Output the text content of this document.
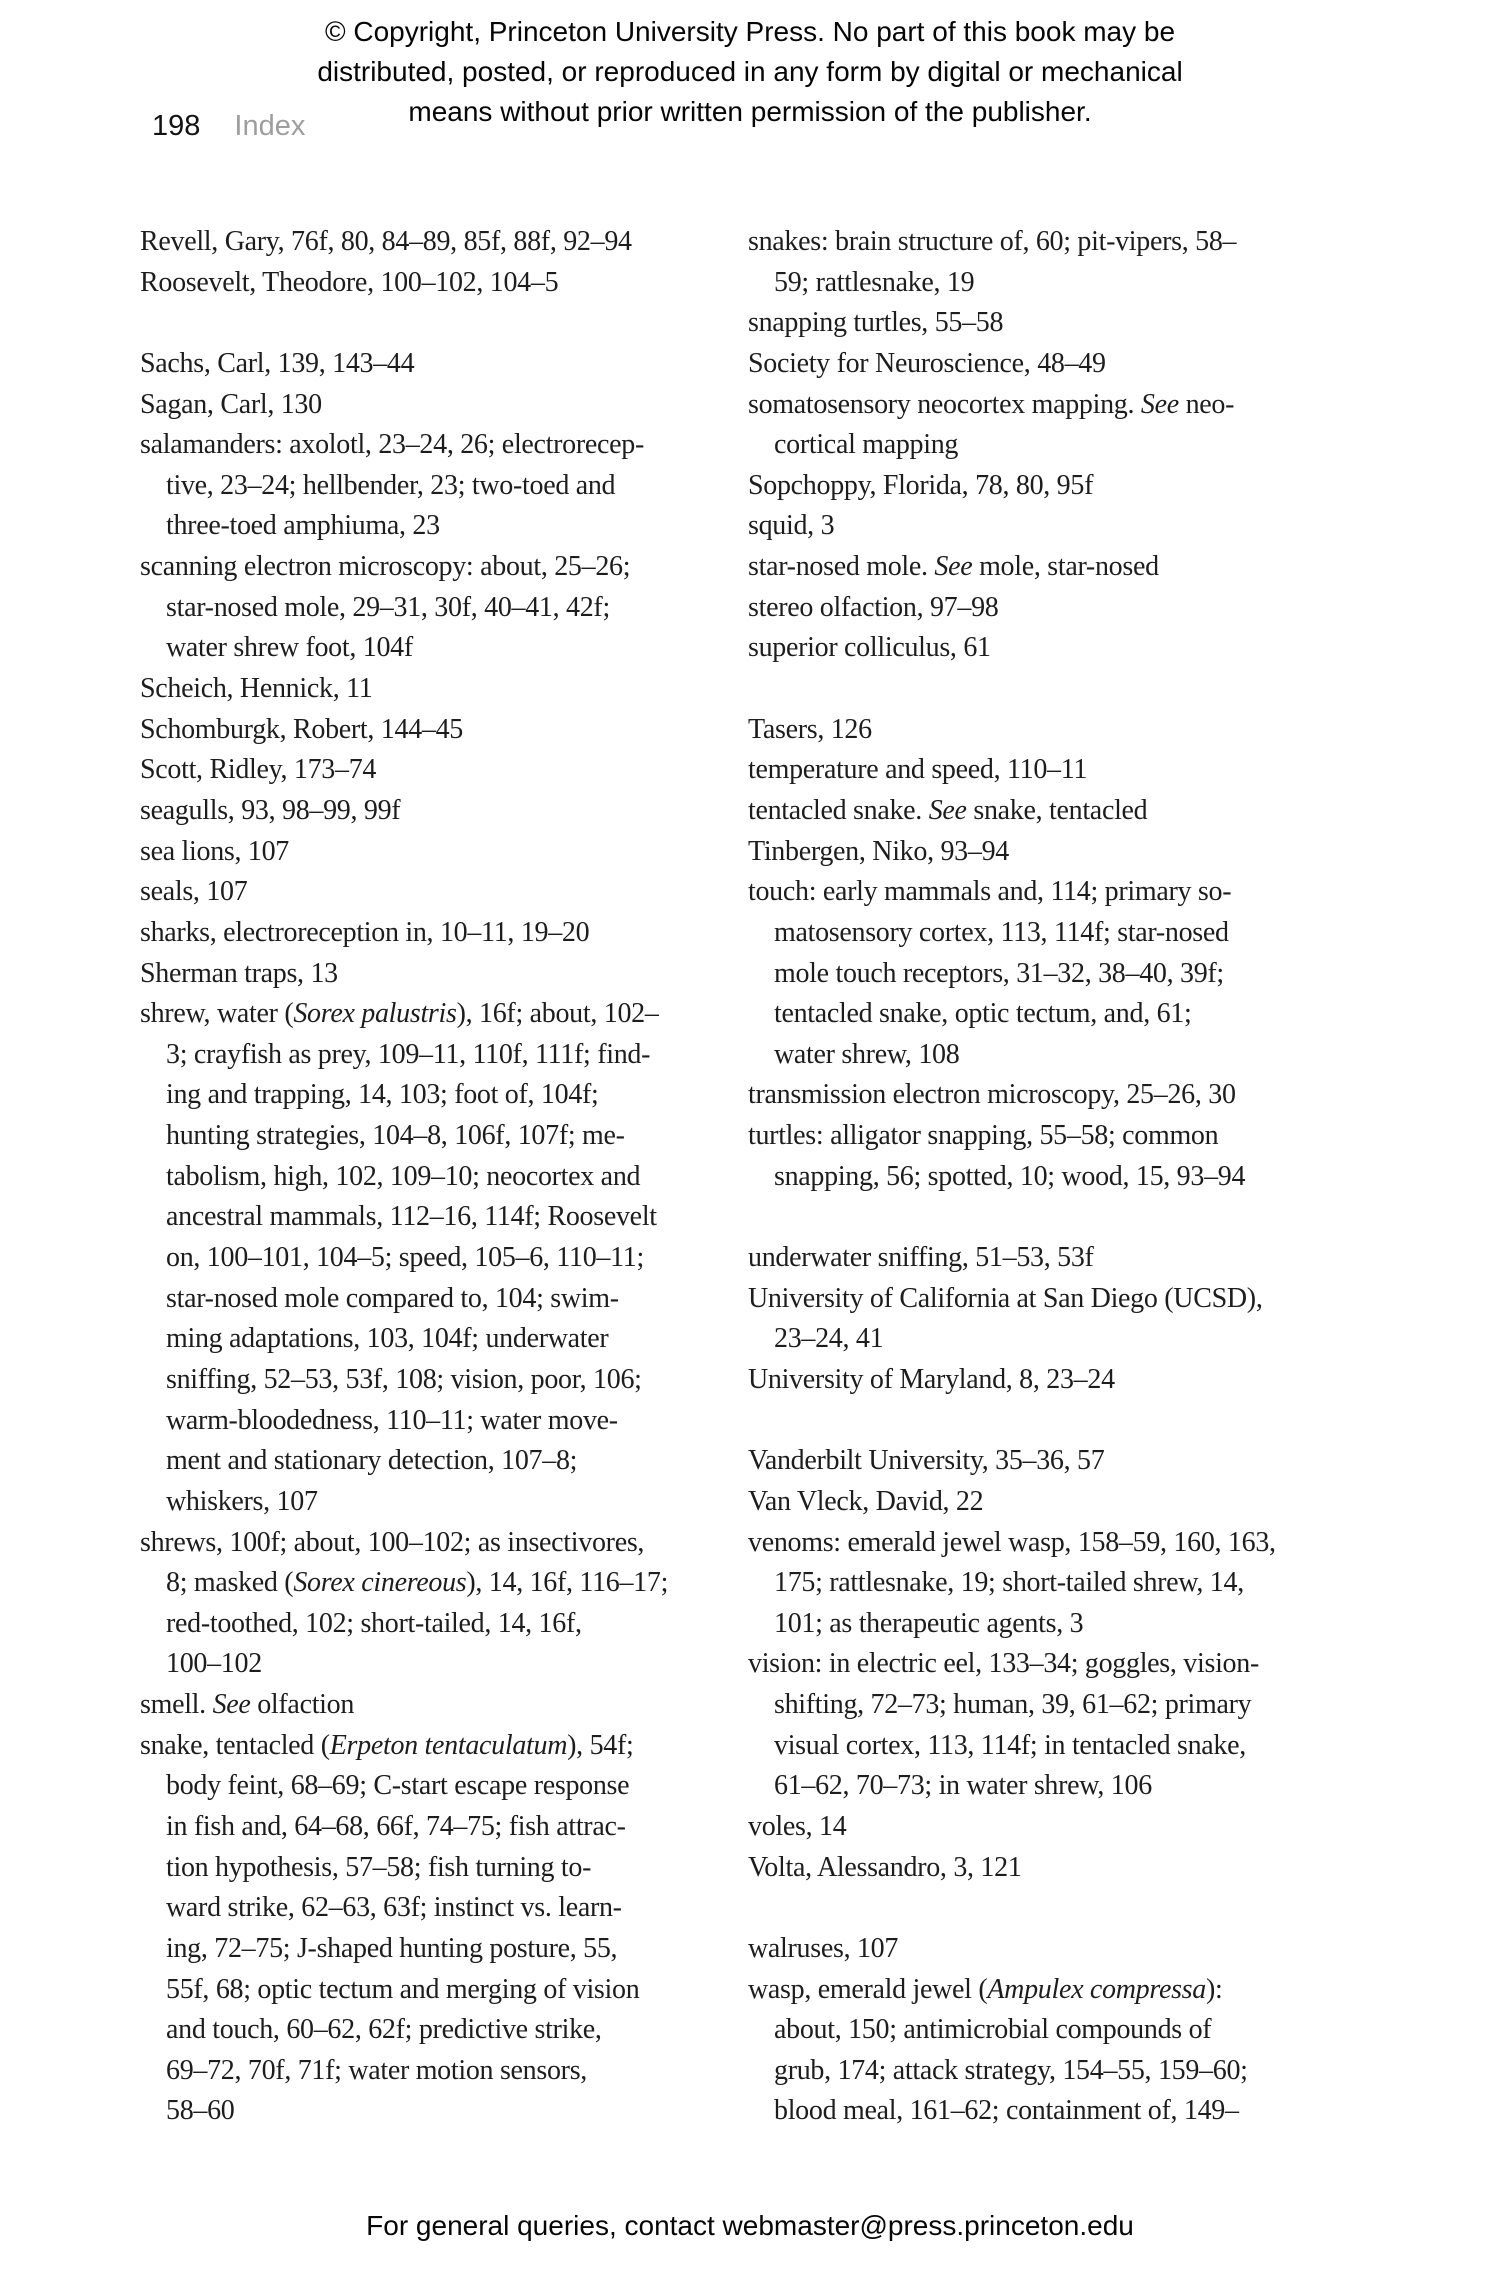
© Copyright, Princeton University Press. No part of this book may be
distributed, posted, or reproduced in any form by digital or mechanical
means without prior written permission of the publisher.
198 Index
Revell, Gary, 76f, 80, 84–89, 85f, 88f, 92–94
Roosevelt, Theodore, 100–102, 104–5
Sachs, Carl, 139, 143–44
Sagan, Carl, 130
salamanders: axolotl, 23–24, 26; electrorecep-
tive, 23–24; hellbender, 23; two-toed and
three-toed amphiuma, 23
scanning electron microscopy: about, 25–26;
star-nosed mole, 29–31, 30f, 40–41, 42f;
water shrew foot, 104f
Scheich, Hennick, 11
Schomburgk, Robert, 144–45
Scott, Ridley, 173–74
seagulls, 93, 98–99, 99f
sea lions, 107
seals, 107
sharks, electroreception in, 10–11, 19–20
Sherman traps, 13
shrew, water (Sorex palustris), 16f; about, 102–
3; crayfish as prey, 109–11, 110f, 111f; find-
ing and trapping, 14, 103; foot of, 104f;
hunting strategies, 104–8, 106f, 107f; me-
tabolism, high, 102, 109–10; neocortex and
ancestral mammals, 112–16, 114f; Roosevelt
on, 100–101, 104–5; speed, 105–6, 110–11;
star-nosed mole compared to, 104; swim-
ming adaptations, 103, 104f; underwater
sniffing, 52–53, 53f, 108; vision, poor, 106;
warm-bloodedness, 110–11; water move-
ment and stationary detection, 107–8;
whiskers, 107
shrews, 100f; about, 100–102; as insectivores,
8; masked (Sorex cinereous), 14, 16f, 116–17;
red-toothed, 102; short-tailed, 14, 16f,
100–102
smell. See olfaction
snake, tentacled (Erpeton tentaculatum), 54f;
body feint, 68–69; C-start escape response
in fish and, 64–68, 66f, 74–75; fish attrac-
tion hypothesis, 57–58; fish turning to-
ward strike, 62–63, 63f; instinct vs. learn-
ing, 72–75; J-shaped hunting posture, 55,
55f, 68; optic tectum and merging of vision
and touch, 60–62, 62f; predictive strike,
69–72, 70f, 71f; water motion sensors,
58–60
snakes: brain structure of, 60; pit-vipers, 58–
59; rattlesnake, 19
snapping turtles, 55–58
Society for Neuroscience, 48–49
somatosensory neocortex mapping. See neo-
cortical mapping
Sopchoppy, Florida, 78, 80, 95f
squid, 3
star-nosed mole. See mole, star-nosed
stereo olfaction, 97–98
superior colliculus, 61
Tasers, 126
temperature and speed, 110–11
tentacled snake. See snake, tentacled
Tinbergen, Niko, 93–94
touch: early mammals and, 114; primary so-
matosensory cortex, 113, 114f; star-nosed
mole touch receptors, 31–32, 38–40, 39f;
tentacled snake, optic tectum, and, 61;
water shrew, 108
transmission electron microscopy, 25–26, 30
turtles: alligator snapping, 55–58; common
snapping, 56; spotted, 10; wood, 15, 93–94
underwater sniffing, 51–53, 53f
University of California at San Diego (UCSD),
23–24, 41
University of Maryland, 8, 23–24
Vanderbilt University, 35–36, 57
Van Vleck, David, 22
venoms: emerald jewel wasp, 158–59, 160, 163,
175; rattlesnake, 19; short-tailed shrew, 14,
101; as therapeutic agents, 3
vision: in electric eel, 133–34; goggles, vision-
shifting, 72–73; human, 39, 61–62; primary
visual cortex, 113, 114f; in tentacled snake,
61–62, 70–73; in water shrew, 106
voles, 14
Volta, Alessandro, 3, 121
walruses, 107
wasp, emerald jewel (Ampulex compressa):
about, 150; antimicrobial compounds of
grub, 174; attack strategy, 154–55, 159–60;
blood meal, 161–62; containment of, 149–
For general queries, contact webmaster@press.princeton.edu
